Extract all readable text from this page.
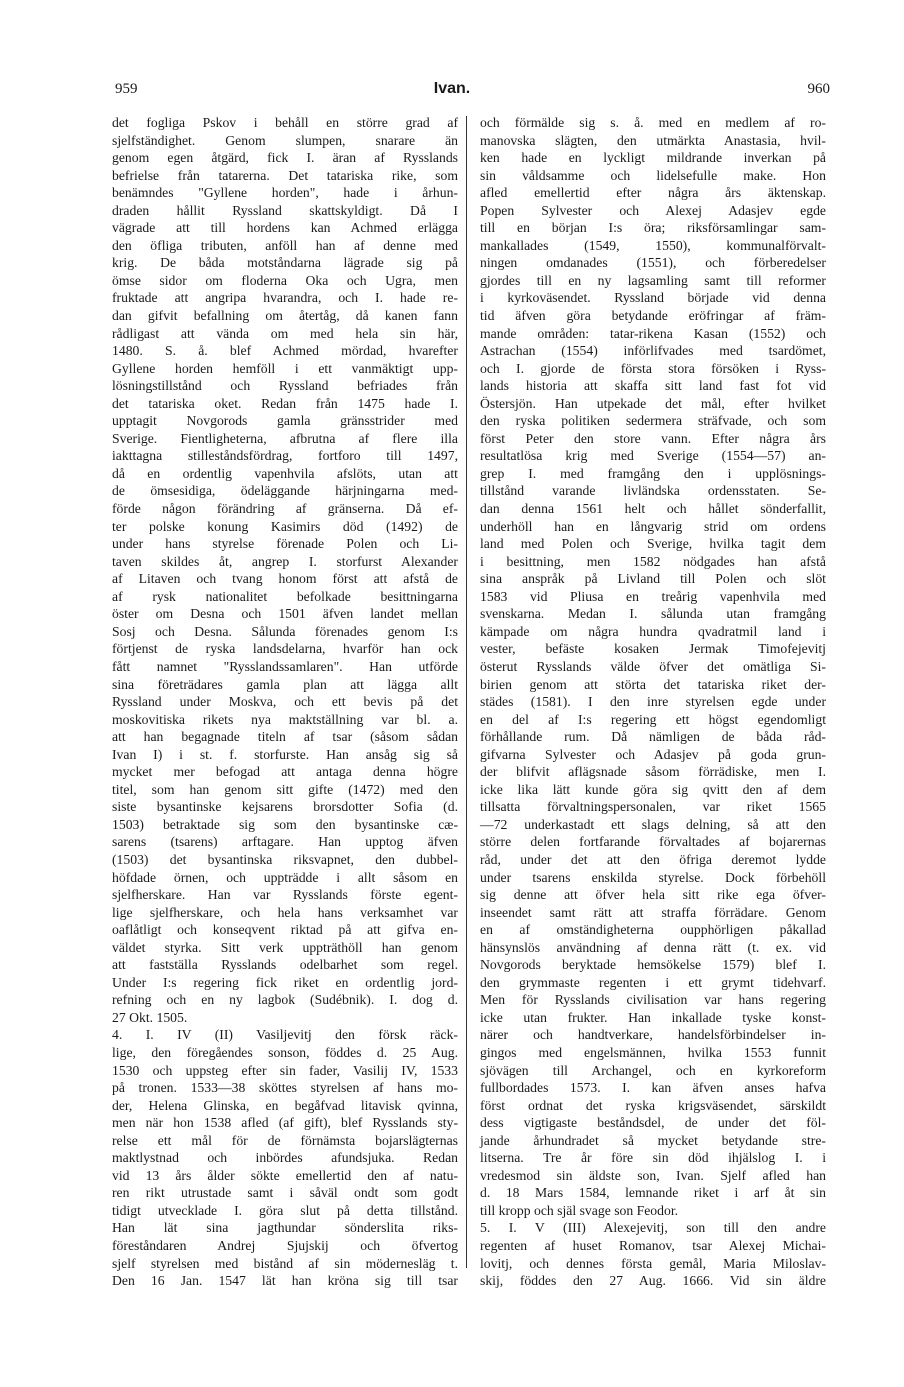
959	Ivan.	960
det fogliga Pskov i behåll en större grad af
sjelfständighet. Genom slumpen, snarare än
genom egen åtgärd, fick I. äran af Rysslands
befrielse från tatarerna. Det tatariska rike, som
benämndes "Gyllene horden", hade i århun-
draden hållit Ryssland skattskyldigt. Då I
vägrade att till hordens kan Achmed erlägga
den öfliga tributen, anföll han af denne med
krig. De båda motståndarna lägrade sig på
ömse sidor om floderna Oka och Ugra, men
fruktade att angripa hvarandra, och I. hade re-
dan gifvit befallning om återtåg, då kanen fann
rådligast att vända om med hela sin här,
1480. S. å. blef Achmed mördad, hvarefter
Gyllene horden hemföll i ett vanmäktigt upp-
lösningstillstånd och Ryssland befriades från
det tatariska oket. Redan från 1475 hade I.
upptagit Novgorods gamla gränsstrider med
Sverige. Fientligheterna, afbrutna af flere illa
iakttagna stilleståndsfördrag, fortforo till 1497,
då en ordentlig vapenhvila afslöts, utan att
de ömsesidiga, ödeläggande härjningarna med-
förde någon förändring af gränserna. Då ef-
ter polske konung Kasimirs död (1492) de
under hans styrelse förenade Polen och Li-
taven skildes åt, angrep I. storfurst Alexander
af Litaven och tvang honom först att afstå de
af rysk nationalitet befolkade besittningarna
öster om Desna och 1501 äfven landet mellan
Sosj och Desna. Sålunda förenades genom I:s
förtjenst de ryska landsdelarna, hvarför han ock
fått namnet "Rysslandssamlaren". Han utförde
sina företrädares gamla plan att lägga allt
Ryssland under Moskva, och ett bevis på det
moskovitiska rikets nya maktställning var bl. a.
att han begagnade titeln af tsar (såsom sådan
Ivan I) i st. f. storfurste. Han ansåg sig så
mycket mer befogad att antaga denna högre
titel, som han genom sitt gifte (1472) med den
siste bysantinske kejsarens brorsdotter Sofia (d.
1503) betraktade sig som den bysantinske cæ-
sarens (tsarens) arftagare. Han upptog äfven
(1503) det bysantinska riksvapnet, den dubbel-
höfdade örnen, och uppträdde i allt såsom en
sjelfherskare. Han var Rysslands förste egent-
lige sjelfherskare, och hela hans verksamhet var
oaflåtligt och konseqvent riktad på att gifva en-
väldet styrka. Sitt verk uppträthöll han genom
att fastställa Rysslands odelbarhet som regel.
Under I:s regering fick riket en ordentlig jord-
refning och en ny lagbok (Sudébnik). I. dog d.
27 Okt. 1505.
4. I. IV (II) Vasiljevitj den försk räck-
lige, den föregåendes sonson, föddes d. 25 Aug.
1530 och uppsteg efter sin fader, Vasilij IV, 1533
på tronen. 1533—38 sköttes styrelsen af hans mo-
der, Helena Glinska, en begåfvad litavisk qvinna,
men när hon 1538 afled (af gift), blef Rysslands sty-
relse ett mål för de förnämsta bojarslägternas
maktlystnad och inbördes afundsjuka. Redan
vid 13 års ålder sökte emellertid den af natu-
ren rikt utrustade samt i såväl ondt som godt
tidigt utvecklade I. göra slut på detta tillstånd.
Han lät sina jagthundar sönderslita riks-
föreståndaren Andrej Sjujskij och öfvertog
sjelf styrelsen med bistånd af sin mödernesläg t.
Den 16 Jan. 1547 lät han kröna sig till tsar
och förmälde sig s. å. med en medlem af ro-
manovska slägten, den utmärkta Anastasia, hvil-
ken hade en lyckligt mildrande inverkan på
sin våldsamme och lidelsefulle make. Hon
afled emellertid efter några års äktenskap.
Popen Sylvester och Alexej Adasjev egde
till en början I:s öra; riksförsamlingar sam-
mankallades (1549, 1550), kommunalförvalt-
ningen omdanades (1551), och förberedelser
gjordes till en ny lagsamling samt till reformer
i kyrkoväsendet. Ryssland började vid denna
tid äfven göra betydande eröfringar af främ-
mande områden: tatar-rikena Kasan (1552) och
Astrachan (1554) införlifvades med tsardömet,
och I. gjorde de första stora försöken i Ryss-
lands historia att skaffa sitt land fast fot vid
Östersjön. Han utpekade det mål, efter hvilket
den ryska politiken sedermera sträfvade, och som
först Peter den store vann. Efter några års
resultatlösa krig med Sverige (1554—57) an-
grep I. med framgång den i upplösnings-
tillstånd varande livländska ordensstaten. Se-
dan denna 1561 helt och hållet sönderfallit,
underhöll han en långvarig strid om ordens
land med Polen och Sverige, hvilka tagit dem
i besittning, men 1582 nödgades han afstå
sina anspråk på Livland till Polen och slöt
1583 vid Pliusa en treårig vapenhvila med
svenskarna. Medan I. sålunda utan framgång
kämpade om några hundra qvadratmil land i
vester, befäste kosaken Jermak Timofejevitj
österut Rysslands välde öfver det omätliga Si-
birien genom att störta det tatariska riket der-
städes (1581). I den inre styrelsen egde under
en del af I:s regering ett högst egendomligt
förhållande rum. Då nämligen de båda råd-
gifvarna Sylvester och Adasjev på goda grun-
der blifvit aflägsnade såsom förrädiske, men I.
icke lika lätt kunde göra sig qvitt den af dem
tillsatta förvaltningspersonalen, var riket 1565
—72 underkastadt ett slags delning, så att den
större delen fortfarande förvaltades af bojarernas
råd, under det att den öfriga deremot lydde
under tsarens enskilda styrelse. Dock förbehöll
sig denne att öfver hela sitt rike ega öfver-
inseendet samt rätt att straffa förrädare. Genom
en af omständigheterna oupphörligen påkallad
hänsynslös användning af denna rätt (t. ex. vid
Novgorods beryktade hemsökelse 1579) blef I.
den grymmaste regenten i ett grymt tidehvarf.
Men för Rysslands civilisation var hans regering
icke utan frukter. Han inkallade tyske konst-
närer och handtverkare, handelsförbindelser in-
gingos med engelsmännen, hvilka 1553 funnit
sjövägen till Archangel, och en kyrkoreform
fullbordades 1573. I. kan äfven anses hafva
först ordnat det ryska krigsväsendet, särskildt
dess vigtigaste beståndsdel, de under det föl-
jande århundradet så mycket betydande stre-
litserna. Tre år före sin död ihjälslog I. i
vredesmod sin äldste son, Ivan. Sjelf afled han
d. 18 Mars 1584, lemnande riket i arf åt sin
till kropp och själ svage son Feodor.
5. I. V (III) Alexejevitj, son till den andre
regenten af huset Romanov, tsar Alexej Michai-
lovitj, och dennes första gemål, Maria Miloslav-
skij, föddes den 27 Aug. 1666. Vid sin äldre
